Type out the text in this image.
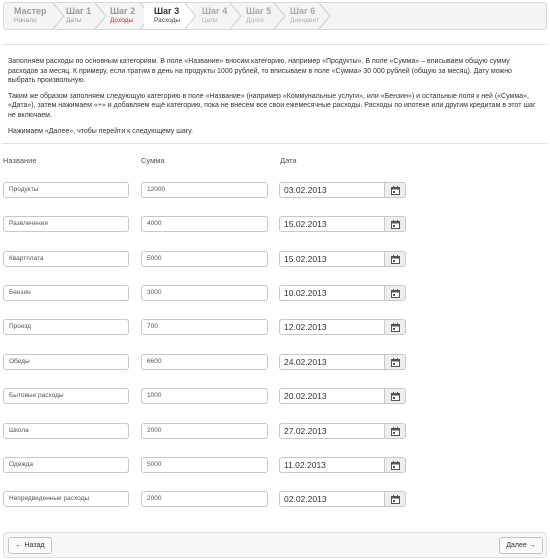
Мастер
Начало
Шаг 1
Даты
Шаг 2
Доходы
Шаг 3
Расходы
Шаг 4
Цели
Шаг 5
Долги
Шаг 6
Дивидент

Заполняем расходы по основным категориям. В поле «Название» вносим категорию, например «Продукты». В поле «Сумма» – вписываем общую сумму расходов за месяц. К примеру, если тратим в день на продукты 1000 рублей, то вписываем в поле «Сумма» 30 000 рублей (общую за месяц). Дату можно выбрать произвольную.

Таким же образом заполняем следующую категорию в поле «Название» (например «Коммунальные услуги», или «Бензин») и остальные поля к ней («Сумма», «Дата»), затем нажимаем «+» и добавляем ещё категорию, пока не внесем все свои ежемесячные расходы. Расходы по ипотеке или другим кредитам в этот шаг не включаем.

Нажимаем «Далее», чтобы перейти к следующему шагу.

Название	Сумма	Дата
Продукты	12000	03.02.2013
Развлечения	4000	15.02.2013
Квартплата	5000	15.02.2013
Бензин	3000	10.02.2013
Проезд	700	12.02.2013
Обеды	6600	24.02.2013
Бытовые расходы	1000	20.02.2013
Школа	2000	27.02.2013
Одежда	5000	11.02.2013
Непредвиденные расходы	2000	02.02.2013
← Назад	Далее →
